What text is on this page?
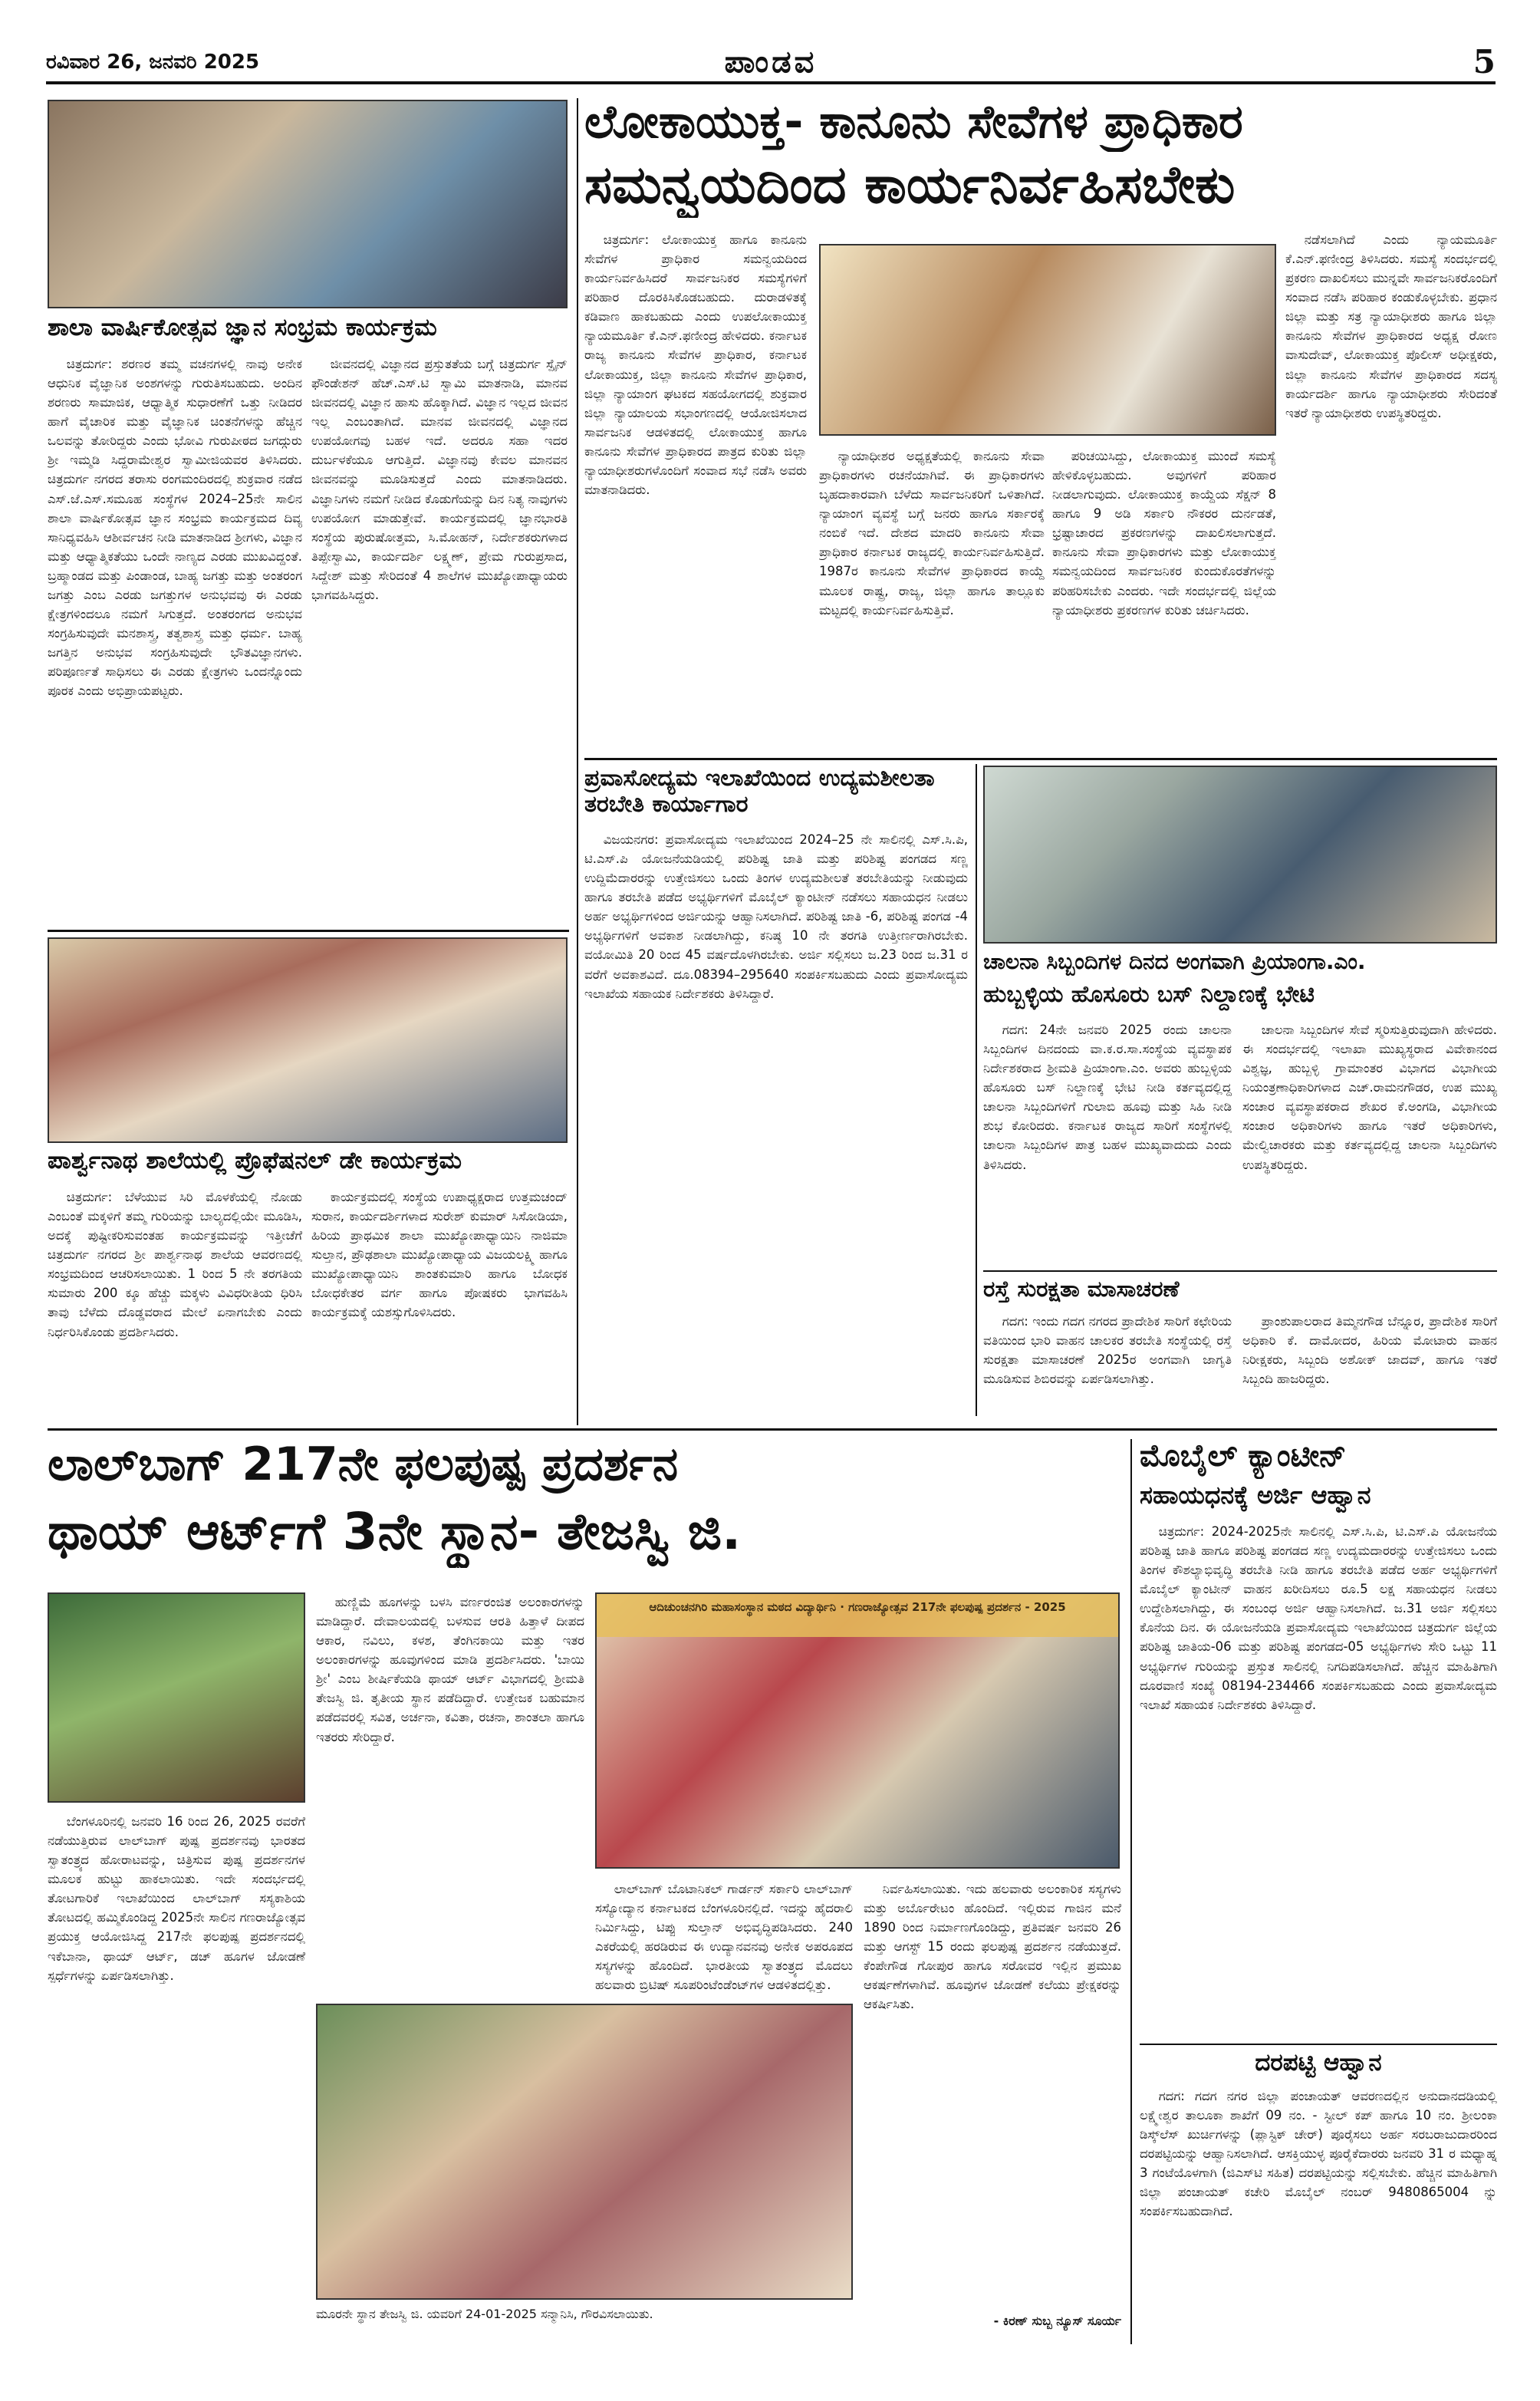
ರವಿವಾರ 26, ಜನವರಿ 2025	ಪಾಂಡವ	5
ಶಾಲಾ ವಾರ್ಷಿಕೋತ್ಸವ ಜ್ಞಾನ ಸಂಭ್ರಮ ಕಾರ್ಯಕ್ರಮ

ಚಿತ್ರದುರ್ಗ: ಶರಣರ ತಮ್ಮ ವಚನಗಳಲ್ಲಿ ನಾವು ಅನೇಕ ಆಧುನಿಕ ವೈಜ್ಞಾನಿಕ ಅಂಶಗಳನ್ನು ಗುರುತಿಸಬಹುದು. ಅಂದಿನ ಶರಣರು ಸಾಮಾಜಿಕ, ಆಧ್ಯಾತ್ಮಿಕ ಸುಧಾರಣೆಗೆ ಒತ್ತು ನೀಡಿದರ ಹಾಗೆ ವೈಚಾರಿಕ ಮತ್ತು ವೈಜ್ಞಾನಿಕ ಚಿಂತನೆಗಳನ್ನು ಹೆಚ್ಚಿನ ಒಲವನ್ನು ತೋರಿದ್ದರು ಎಂದು ಭೋವಿ ಗುರುಪೀಠದ ಜಗದ್ಗುರು ಶ್ರೀ ಇಮ್ಮಡಿ ಸಿದ್ದರಾಮೇಶ್ವರ ಸ್ವಾಮೀಜಿಯವರ ತಿಳಿಸಿದರು. ಚಿತ್ರದುರ್ಗ ನಗರದ ತರಾಸು ರಂಗಮಂದಿರದಲ್ಲಿ ಶುಕ್ರವಾರ ನಡೆದ ಎಸ್.ಜೆ.ಎಸ್.ಸಮೂಹ ಸಂಸ್ಥೆಗಳ 2024–25ನೇ ಸಾಲಿನ ಶಾಲಾ ವಾರ್ಷಿಕೋತ್ಸವ ಜ್ಞಾನ ಸಂಭ್ರಮ ಕಾರ್ಯಕ್ರಮದ ದಿವ್ಯ ಸಾನಿಧ್ಯವಹಿಸಿ ಆಶೀರ್ವಚನ ನೀಡಿ ಮಾತನಾಡಿದ ಶ್ರೀಗಳು, ವಿಜ್ಞಾನ ಮತ್ತು ಆಧ್ಯಾತ್ಮಿಕತೆಯು ಒಂದೇ ನಾಣ್ಯದ ಎರಡು ಮುಖವಿದ್ದಂತೆ. ಬ್ರಹ್ಮಾಂಡದ ಮತ್ತು ಪಿಂಡಾಂಡ, ಬಾಹ್ಯ ಜಗತ್ತು ಮತ್ತು ಅಂತರಂಗ ಜಗತ್ತು ಎಂಬ ಎರಡು ಜಗತ್ತುಗಳ ಅನುಭವವು ಈ ಎರಡು ಕ್ಷೇತ್ರಗಳಿಂದಲೂ ನಮಗೆ ಸಿಗುತ್ತದೆ. ಅಂತರಂಗದ ಅನುಭವ ಸಂಗ್ರಹಿಸುವುದೇ ಮನಶಾಸ್ತ್ರ, ತತ್ವಶಾಸ್ತ್ರ ಮತ್ತು ಧರ್ಮ. ಬಾಹ್ಯ ಜಗತ್ತಿನ ಅನುಭವ ಸಂಗ್ರಹಿಸುವುದೇ ಭೌತವಿಜ್ಞಾನಗಳು. ಪರಿಪೂರ್ಣತೆ ಸಾಧಿಸಲು ಈ ಎರಡು ಕ್ಷೇತ್ರಗಳು ಒಂದನ್ನೊಂದು ಪೂರಕ ಎಂದು ಅಭಿಪ್ರಾಯಪಟ್ಟರು.

ಜೀವನದಲ್ಲಿ ವಿಜ್ಞಾನದ ಪ್ರಸ್ತುತತೆಯ ಬಗ್ಗೆ ಚಿತ್ರದುರ್ಗ ಸ್ಪೈನ್ ಫೌಂಡೇಶನ್ ಹೆಚ್.ಎಸ್.ಟಿ ಸ್ವಾಮಿ ಮಾತನಾಡಿ, ಮಾನವ ಜೀವನದಲ್ಲಿ ವಿಜ್ಞಾನ ಹಾಸು ಹೊಕ್ಕಾಗಿದೆ. ವಿಜ್ಞಾನ ಇಲ್ಲದ ಜೀವನ ಇಲ್ಲ ಎಂಬಂತಾಗಿದೆ. ಮಾನವ ಜೀವನದಲ್ಲಿ ವಿಜ್ಞಾನದ ಉಪಯೋಗವು ಬಹಳ ಇದೆ. ಅದರೂ ಸಹಾ ಇದರ ದುರ್ಬಳಕೆಯೂ ಆಗುತ್ತಿದೆ. ವಿಜ್ಞಾನವು ಕೇವಲ ಮಾನವನ ಜೀವನವನ್ನು ಮೂಡಿಸುತ್ತದೆ ಎಂದು ಮಾತನಾಡಿದರು. ವಿಜ್ಞಾನಿಗಳು ನಮಗೆ ನೀಡಿದ ಕೊಡುಗೆಯನ್ನು ದಿನ ನಿತ್ಯ ನಾವುಗಳು ಉಪಯೋಗ ಮಾಡುತ್ತೇವೆ. ಕಾರ್ಯಕ್ರಮದಲ್ಲಿ ಜ್ಞಾನಭಾರತಿ ಸಂಸ್ಥೆಯ ಪುರುಷೋತ್ತಮ, ಸಿ.ಮೋಹನ್, ನಿರ್ದೇಶಕರುಗಳಾದ ತಿಪ್ಪೇಸ್ವಾಮಿ, ಕಾರ್ಯದರ್ಶಿ ಲಕ್ಷ್ಮಣ್, ಪ್ರೇಮ ಗುರುಪ್ರಸಾದ, ಸಿದ್ದೇಶ್ ಮತ್ತು ಸೇರಿದಂತೆ 4 ಶಾಲೆಗಳ ಮುಖ್ಯೋಪಾಧ್ಯಾಯರು ಭಾಗವಹಿಸಿದ್ದರು.

ಪಾರ್ಶ್ವನಾಥ ಶಾಲೆಯಲ್ಲಿ ಪ್ರೊಫೆಷನಲ್ ಡೇ ಕಾರ್ಯಕ್ರಮ

ಚಿತ್ರದುರ್ಗ: ಬೆಳೆಯುವ ಸಿರಿ ಮೊಳಕೆಯಲ್ಲಿ ನೋಡು ಎಂಬಂತೆ ಮಕ್ಕಳಿಗೆ ತಮ್ಮ ಗುರಿಯನ್ನು ಬಾಲ್ಯದಲ್ಲಿಯೇ ಮೂಡಿಸಿ, ಅದಕ್ಕೆ ಪುಷ್ಟೀಕರಿಸುವಂತಹ ಕಾರ್ಯಕ್ರಮವನ್ನು ಇತ್ತೀಚೆಗೆ ಚಿತ್ರದುರ್ಗ ನಗರದ ಶ್ರೀ ಪಾರ್ಶ್ವನಾಥ ಶಾಲೆಯ ಆವರಣದಲ್ಲಿ ಸಂಭ್ರಮದಿಂದ ಆಚರಿಸಲಾಯಿತು. 1 ರಿಂದ 5 ನೇ ತರಗತಿಯ ಸುಮಾರು 200 ಕ್ಕೂ ಹೆಚ್ಚು ಮಕ್ಕಳು ವಿವಿಧರೀತಿಯ ಧಿರಿಸಿ ತಾವು ಬೆಳೆದು ದೊಡ್ಡವರಾದ ಮೇಲೆ ಏನಾಗಬೇಕು ಎಂದು ನಿರ್ಧರಿಸಿಕೊಂಡು ಪ್ರದರ್ಶಿಸಿದರು.

ಕಾರ್ಯಕ್ರಮದಲ್ಲಿ ಸಂಸ್ಥೆಯ ಉಪಾಧ್ಯಕ್ಷರಾದ ಉತ್ತಮಚಂದ್ ಸುರಾನ, ಕಾರ್ಯದರ್ಶಿಗಳಾದ ಸುರೇಶ್ ಕುಮಾರ್ ಸಿಸೋಡಿಯಾ, ಹಿರಿಯ ಪ್ರಾಥಮಿಕ ಶಾಲಾ ಮುಖ್ಯೋಪಾಧ್ಯಾಯಿನಿ ನಾಜಿಮಾ ಸುಲ್ತಾನ, ಪ್ರೌಢಶಾಲಾ ಮುಖ್ಯೋಪಾಧ್ಯಾಯ ವಿಜಯಲಕ್ಷ್ಮಿ ಹಾಗೂ ಮುಖ್ಯೋಪಾಧ್ಯಾಯಿನಿ ಶಾಂತಕುಮಾರಿ ಹಾಗೂ ಬೋಧಕ ಬೋಧಕೇತರ ವರ್ಗ ಹಾಗೂ ಪೋಷಕರು ಭಾಗವಹಿಸಿ ಕಾರ್ಯಕ್ರಮಕ್ಕೆ ಯಶಸ್ಸುಗೊಳಿಸಿದರು.

ಲೋಕಾಯುಕ್ತ- ಕಾನೂನು ಸೇವೆಗಳ ಪ್ರಾಧಿಕಾರ
ಸಮನ್ವಯದಿಂದ ಕಾರ್ಯನಿರ್ವಹಿಸಬೇಕು

ಚಿತ್ರದುರ್ಗ: ಲೋಕಾಯುಕ್ತ ಹಾಗೂ ಕಾನೂನು ಸೇವೆಗಳ ಪ್ರಾಧಿಕಾರ ಸಮನ್ವಯದಿಂದ ಕಾರ್ಯನಿರ್ವಹಿಸಿದರೆ ಸಾರ್ವಜನಿಕರ ಸಮಸ್ಯೆಗಳಿಗೆ ಪರಿಹಾರ ದೊರಕಿಸಿಕೊಡಬಹುದು. ದುರಾಡಳಿತಕ್ಕೆ ಕಡಿವಾಣ ಹಾಕಬಹುದು ಎಂದು ಉಪಲೋಕಾಯುಕ್ತ ನ್ಯಾಯಮೂರ್ತಿ ಕೆ.ಎನ್.ಫಣೀಂದ್ರ ಹೇಳಿದರು. ಕರ್ನಾಟಕ ರಾಜ್ಯ ಕಾನೂನು ಸೇವೆಗಳ ಪ್ರಾಧಿಕಾರ, ಕರ್ನಾಟಕ ಲೋಕಾಯುಕ್ತ, ಜಿಲ್ಲಾ ಕಾನೂನು ಸೇವೆಗಳ ಪ್ರಾಧಿಕಾರ, ಜಿಲ್ಲಾ ನ್ಯಾಯಾಂಗ ಘಟಕದ ಸಹಯೋಗದಲ್ಲಿ ಶುಕ್ರವಾರ ಜಿಲ್ಲಾ ನ್ಯಾಯಾಲಯ ಸಭಾಂಗಣದಲ್ಲಿ ಆಯೋಜಿಸಲಾದ ಸಾರ್ವಜನಿಕ ಆಡಳಿತದಲ್ಲಿ ಲೋಕಾಯುಕ್ತ ಹಾಗೂ ಕಾನೂನು ಸೇವೆಗಳ ಪ್ರಾಧಿಕಾರದ ಪಾತ್ರದ ಕುರಿತು ಜಿಲ್ಲಾ ನ್ಯಾಯಾಧೀಶರುಗಳೊಂದಿಗೆ ಸಂವಾದ ಸಭೆ ನಡೆಸಿ ಅವರು ಮಾತನಾಡಿದರು.

ನಡೆಸಲಾಗಿದೆ ಎಂದು ನ್ಯಾಯಮೂರ್ತಿ ಕೆ.ಎನ್.ಫಣೀಂದ್ರ ತಿಳಿಸಿದರು. ಸಮಸ್ಯೆ ಸಂದರ್ಭದಲ್ಲಿ ಪ್ರಕರಣ ದಾಖಲಿಸಲು ಮುನ್ನವೇ ಸಾರ್ವಜನಿಕರೊಂದಿಗೆ ಸಂವಾದ ನಡೆಸಿ ಪರಿಹಾರ ಕಂಡುಕೊಳ್ಳಬೇಕು. ಪ್ರಧಾನ ಜಿಲ್ಲಾ ಮತ್ತು ಸತ್ರ ನ್ಯಾಯಾಧೀಶರು ಹಾಗೂ ಜಿಲ್ಲಾ ಕಾನೂನು ಸೇವೆಗಳ ಪ್ರಾಧಿಕಾರದ ಅಧ್ಯಕ್ಷ ರೋಣ ವಾಸುದೇವ್, ಲೋಕಾಯುಕ್ತ ಪೊಲೀಸ್ ಅಧೀಕ್ಷಕರು, ಜಿಲ್ಲಾ ಕಾನೂನು ಸೇವೆಗಳ ಪ್ರಾಧಿಕಾರದ ಸದಸ್ಯ ಕಾರ್ಯದರ್ಶಿ ಹಾಗೂ ನ್ಯಾಯಾಧೀಶರು ಸೇರಿದಂತೆ ಇತರೆ ನ್ಯಾಯಾಧೀಶರು ಉಪಸ್ಥಿತರಿದ್ದರು.

ನ್ಯಾಯಾಧೀಶರ ಅಧ್ಯಕ್ಷತೆಯಲ್ಲಿ ಕಾನೂನು ಸೇವಾ ಪ್ರಾಧಿಕಾರಗಳು ರಚನೆಯಾಗಿವೆ. ಈ ಪ್ರಾಧಿಕಾರಗಳು ಬೃಹದಾಕಾರವಾಗಿ ಬೆಳೆದು ಸಾರ್ವಜನಿಕರಿಗೆ ಒಳಿತಾಗಿದೆ. ನ್ಯಾಯಾಂಗ ವ್ಯವಸ್ಥೆ ಬಗ್ಗೆ ಜನರು ಹಾಗೂ ಸರ್ಕಾರಕ್ಕೆ ನಂಬಿಕೆ ಇದೆ. ದೇಶದ ಮಾದರಿ ಕಾನೂನು ಸೇವಾ ಪ್ರಾಧಿಕಾರ ಕರ್ನಾಟಕ ರಾಜ್ಯದಲ್ಲಿ ಕಾರ್ಯನಿರ್ವಹಿಸುತ್ತಿದೆ. 1987ರ ಕಾನೂನು ಸೇವೆಗಳ ಪ್ರಾಧಿಕಾರದ ಕಾಯ್ದೆ ಮೂಲಕ ರಾಷ್ಟ್ರ, ರಾಜ್ಯ, ಜಿಲ್ಲಾ ಹಾಗೂ ತಾಲ್ಲೂಕು ಮಟ್ಟದಲ್ಲಿ ಕಾರ್ಯನಿರ್ವಹಿಸುತ್ತಿವೆ.

ಪರಿಚಯಿಸಿದ್ದು, ಲೋಕಾಯುಕ್ತ ಮುಂದೆ ಸಮಸ್ಯೆ ಹೇಳಿಕೊಳ್ಳಬಹುದು. ಅವುಗಳಿಗೆ ಪರಿಹಾರ ನೀಡಲಾಗುವುದು. ಲೋಕಾಯುಕ್ತ ಕಾಯ್ದೆಯ ಸೆಕ್ಷನ್ 8 ಹಾಗೂ 9 ಅಡಿ ಸರ್ಕಾರಿ ನೌಕರರ ದುರ್ನಡತೆ, ಭ್ರಷ್ಟಾಚಾರದ ಪ್ರಕರಣಗಳನ್ನು ದಾಖಲಿಸಲಾಗುತ್ತದೆ. ಕಾನೂನು ಸೇವಾ ಪ್ರಾಧಿಕಾರಗಳು ಮತ್ತು ಲೋಕಾಯುಕ್ತ ಸಮನ್ವಯದಿಂದ ಸಾರ್ವಜನಿಕರ ಕುಂದುಕೊರತೆಗಳನ್ನು ಪರಿಹರಿಸಬೇಕು ಎಂದರು. ಇದೇ ಸಂದರ್ಭದಲ್ಲಿ ಜಿಲ್ಲೆಯ ನ್ಯಾಯಾಧೀಶರು ಪ್ರಕರಣಗಳ ಕುರಿತು ಚರ್ಚಿಸಿದರು.

ಪ್ರವಾಸೋದ್ಯಮ ಇಲಾಖೆಯಿಂದ ಉದ್ಯಮಶೀಲತಾ ತರಬೇತಿ ಕಾರ್ಯಾಗಾರ

ವಿಜಯನಗರ: ಪ್ರವಾಸೋದ್ಯಮ ಇಲಾಖೆಯಿಂದ 2024–25 ನೇ ಸಾಲಿನಲ್ಲಿ ಎಸ್.ಸಿ.ಪಿ, ಟಿ.ಎಸ್.ಪಿ ಯೋಜನೆಯಡಿಯಲ್ಲಿ ಪರಿಶಿಷ್ಟ ಜಾತಿ ಮತ್ತು ಪರಿಶಿಷ್ಟ ಪಂಗಡದ ಸಣ್ಣ ಉದ್ದಿಮೆದಾರರನ್ನು ಉತ್ತೇಜಿಸಲು ಒಂದು ತಿಂಗಳ ಉದ್ಯಮಶೀಲತೆ ತರಬೇತಿಯನ್ನು ನೀಡುವುದು ಹಾಗೂ ತರಬೇತಿ ಪಡೆದ ಅಭ್ಯರ್ಥಿಗಳಿಗೆ ಮೊಬೈಲ್ ಕ್ಯಾಂಟೀನ್ ನಡೆಸಲು ಸಹಾಯಧನ ನೀಡಲು ಅರ್ಹ ಅಭ್ಯರ್ಥಿಗಳಿಂದ ಅರ್ಜಿಯನ್ನು ಆಹ್ವಾನಿಸಲಾಗಿದೆ. ಪರಿಶಿಷ್ಟ ಜಾತಿ -6, ಪರಿಶಿಷ್ಟ ಪಂಗಡ -4 ಅಭ್ಯರ್ಥಿಗಳಿಗೆ ಅವಕಾಶ ನೀಡಲಾಗಿದ್ದು, ಕನಿಷ್ಠ 10 ನೇ ತರಗತಿ ಉತ್ತೀರ್ಣರಾಗಿರಬೇಕು. ವಯೋಮಿತಿ 20 ರಿಂದ 45 ವರ್ಷದೊಳಗಿರಬೇಕು. ಅರ್ಜಿ ಸಲ್ಲಿಸಲು ಜ.23 ರಿಂದ ಜ.31 ರ ವರೆಗೆ ಅವಕಾಶವಿದೆ. ದೂ.08394–295640 ಸಂಪರ್ಕಿಸಬಹುದು ಎಂದು ಪ್ರವಾಸೋದ್ಯಮ ಇಲಾಖೆಯ ಸಹಾಯಕ ನಿರ್ದೇಶಕರು ತಿಳಿಸಿದ್ದಾರೆ.

ಚಾಲನಾ ಸಿಬ್ಬಂದಿಗಳ ದಿನದ ಅಂಗವಾಗಿ ಪ್ರಿಯಾಂಗಾ.ಎಂ.
ಹುಬ್ಬಳ್ಳಿಯ ಹೊಸೂರು ಬಸ್ ನಿಲ್ದಾಣಕ್ಕೆ ಭೇಟಿ

ಗದಗ: 24ನೇ ಜನವರಿ 2025 ರಂದು ಚಾಲನಾ ಸಿಬ್ಬಂದಿಗಳ ದಿನದಂದು ವಾ.ಕ.ರ.ಸಾ.ಸಂಸ್ಥೆಯ ವ್ಯವಸ್ಥಾಪಕ ನಿರ್ದೇಶಕರಾದ ಶ್ರೀಮತಿ ಪ್ರಿಯಾಂಗಾ.ಎಂ. ಅವರು ಹುಬ್ಬಳ್ಳಿಯ ಹೊಸೂರು ಬಸ್ ನಿಲ್ದಾಣಕ್ಕೆ ಭೇಟಿ ನೀಡಿ ಕರ್ತವ್ಯದಲ್ಲಿದ್ದ ಚಾಲನಾ ಸಿಬ್ಬಂದಿಗಳಿಗೆ ಗುಲಾಬಿ ಹೂವು ಮತ್ತು ಸಿಹಿ ನೀಡಿ ಶುಭ ಕೋರಿದರು. ಕರ್ನಾಟಕ ರಾಜ್ಯದ ಸಾರಿಗೆ ಸಂಸ್ಥೆಗಳಲ್ಲಿ ಚಾಲನಾ ಸಿಬ್ಬಂದಿಗಳ ಪಾತ್ರ ಬಹಳ ಮುಖ್ಯವಾದುದು ಎಂದು ತಿಳಿಸಿದರು.

ಚಾಲನಾ ಸಿಬ್ಬಂದಿಗಳ ಸೇವೆ ಸ್ಮರಿಸುತ್ತಿರುವುದಾಗಿ ಹೇಳಿದರು. ಈ ಸಂದರ್ಭದಲ್ಲಿ ಇಲಾಖಾ ಮುಖ್ಯಸ್ಥರಾದ ವಿವೇಕಾನಂದ ವಿಶ್ವಜ್ಞ, ಹುಬ್ಬಳ್ಳಿ ಗ್ರಾಮಾಂತರ ವಿಭಾಗದ ವಿಭಾಗೀಯ ನಿಯಂತ್ರಣಾಧಿಕಾರಿಗಳಾದ ಎಚ್.ರಾಮನಗೌಡರ, ಉಪ ಮುಖ್ಯ ಸಂಚಾರ ವ್ಯವಸ್ಥಾಪಕರಾದ ಶೇಖರ ಕೆ.ಅಂಗಡಿ, ವಿಭಾಗೀಯ ಸಂಚಾರ ಅಧಿಕಾರಿಗಳು ಹಾಗೂ ಇತರೆ ಅಧಿಕಾರಿಗಳು, ಮೇಲ್ವಿಚಾರಕರು ಮತ್ತು ಕರ್ತವ್ಯದಲ್ಲಿದ್ದ ಚಾಲನಾ ಸಿಬ್ಬಂದಿಗಳು ಉಪಸ್ಥಿತರಿದ್ದರು.

ರಸ್ತೆ ಸುರಕ್ಷತಾ ಮಾಸಾಚರಣೆ

ಗದಗ: ಇಂದು ಗದಗ ನಗರದ ಪ್ರಾದೇಶಿಕ ಸಾರಿಗೆ ಕಛೇರಿಯ ವತಿಯಿಂದ ಭಾರಿ ವಾಹನ ಚಾಲಕರ ತರಬೇತಿ ಸಂಸ್ಥೆಯಲ್ಲಿ ರಸ್ತೆ ಸುರಕ್ಷತಾ ಮಾಸಾಚರಣೆ 2025ರ ಅಂಗವಾಗಿ ಜಾಗೃತಿ ಮೂಡಿಸುವ ಶಿಬಿರವನ್ನು ಏರ್ಪಡಿಸಲಾಗಿತ್ತು.

ಪ್ರಾಂಶುಪಾಲರಾದ ತಿಮ್ಮನಗೌಡ ಬೆನ್ನೂರ, ಪ್ರಾದೇಶಿಕ ಸಾರಿಗೆ ಅಧಿಕಾರಿ ಕೆ. ದಾಮೋದರ, ಹಿರಿಯ ಮೋಟಾರು ವಾಹನ ನಿರೀಕ್ಷಕರು, ಸಿಬ್ಬಂದಿ ಅಶೋಕ್ ಜಾದವ್, ಹಾಗೂ ಇತರೆ ಸಿಬ್ಬಂದಿ ಹಾಜರಿದ್ದರು.

ಲಾಲ್‌ಬಾಗ್ 217ನೇ ಫಲಪುಷ್ಪ ಪ್ರದರ್ಶನ
ಥಾಯ್ ಆರ್ಟ್‌ಗೆ 3ನೇ ಸ್ಥಾನ- ತೇಜಸ್ವಿ ಜಿ.

ಬೆಂಗಳೂರಿನಲ್ಲಿ ಜನವರಿ 16 ರಿಂದ 26, 2025 ರವರೆಗೆ ನಡೆಯುತ್ತಿರುವ ಲಾಲ್‌ಬಾಗ್ ಪುಷ್ಪ ಪ್ರದರ್ಶನವು ಭಾರತದ ಸ್ವಾತಂತ್ರ್ಯದ ಹೋರಾಟವನ್ನು, ಚಿತ್ರಿಸುವ ಪುಷ್ಪ ಪ್ರದರ್ಶನಗಳ ಮೂಲಕ ಹುಟ್ಟು ಹಾಕಲಾಯಿತು. ಇದೇ ಸಂದರ್ಭದಲ್ಲಿ ತೋಟಗಾರಿಕೆ ಇಲಾಖೆಯಿಂದ ಲಾಲ್‌ಬಾಗ್ ಸಸ್ಯಕಾಶಿಯ ತೋಟದಲ್ಲಿ ಹಮ್ಮಿಕೊಂಡಿದ್ದ 2025ನೇ ಸಾಲಿನ ಗಣರಾಜ್ಯೋತ್ಸವ ಪ್ರಯುಕ್ತ ಆಯೋಜಿಸಿದ್ದ 217ನೇ ಫಲಪುಷ್ಪ ಪ್ರದರ್ಶನದಲ್ಲಿ ಇಕೆಬಾನಾ, ಥಾಯ್ ಆರ್ಟ್, ಡಚ್ ಹೂಗಳ ಜೋಡಣೆ ಸ್ಪರ್ಧೆಗಳನ್ನು ಏರ್ಪಡಿಸಲಾಗಿತ್ತು.

ಹುಣ್ಣಿಮೆ ಹೂಗಳನ್ನು ಬಳಸಿ ವರ್ಣರಂಜಿತ ಅಲಂಕಾರಗಳನ್ನು ಮಾಡಿದ್ದಾರೆ. ದೇವಾಲಯದಲ್ಲಿ ಬಳಸುವ ಆರತಿ ಹಿತ್ತಾಳೆ ದೀಪದ ಆಕಾರ, ನವಿಲು, ಕಳಶ, ತೆಂಗಿನಕಾಯಿ ಮತ್ತು ಇತರ ಅಲಂಕಾರಗಳನ್ನು ಹೂವುಗಳಿಂದ ಮಾಡಿ ಪ್ರದರ್ಶಿಸಿದರು. 'ಬಾಯಿ ಶ್ರೀ' ಎಂಬ ಶೀರ್ಷಿಕೆಯಡಿ ಥಾಯ್ ಆರ್ಟ್ ವಿಭಾಗದಲ್ಲಿ ಶ್ರೀಮತಿ ತೇಜಸ್ವಿ ಜಿ. ತೃತೀಯ ಸ್ಥಾನ ಪಡೆದಿದ್ದಾರೆ. ಉತ್ತೇಜಕ ಬಹುಮಾನ ಪಡೆದವರಲ್ಲಿ ಸವಿತ, ಅರ್ಚನಾ, ಕವಿತಾ, ರಚನಾ, ಶಾಂತಲಾ ಹಾಗೂ ಇತರರು ಸೇರಿದ್ದಾರೆ.

ಆದಿಚುಂಚನಗಿರಿ ಮಹಾಸಂಸ್ಥಾನ ಮಠದ ವಿದ್ಯಾರ್ಥಿನಿ · ಗಣರಾಜ್ಯೋತ್ಸವ 217ನೇ ಫಲಪುಷ್ಪ ಪ್ರದರ್ಶನ - 2025
ಮೂರನೇ ಸ್ಥಾನ ತೇಜಸ್ವಿ ಜಿ. ಯವರಿಗೆ 24-01-2025 ಸನ್ಮಾನಿಸಿ, ಗೌರವಿಸಲಾಯಿತು.

ಲಾಲ್‌ಬಾಗ್ ಬೊಟಾನಿಕಲ್ ಗಾರ್ಡನ್ ಸರ್ಕಾರಿ ಲಾಲ್‌ಬಾಗ್ ಸಸ್ಯೋದ್ಯಾನ ಕರ್ನಾಟಕದ ಬೆಂಗಳೂರಿನಲ್ಲಿದೆ. ಇದನ್ನು ಹೈದರಾಲಿ ನಿರ್ಮಿಸಿದ್ದು, ಟಿಪ್ಪು ಸುಲ್ತಾನ್ ಅಭಿವೃದ್ಧಿಪಡಿಸಿದರು. 240 ಎಕರೆಯಲ್ಲಿ ಹರಡಿರುವ ಈ ಉದ್ಯಾನವನವು ಅನೇಕ ಅಪರೂಪದ ಸಸ್ಯಗಳನ್ನು ಹೊಂದಿದೆ. ಭಾರತೀಯ ಸ್ವಾತಂತ್ರ್ಯದ ಮೊದಲು ಹಲವಾರು ಬ್ರಿಟಿಷ್ ಸೂಪರಿಂಟೆಂಡೆಂಟ್‌ಗಳ ಆಡಳಿತದಲ್ಲಿತ್ತು.

ನಿರ್ವಹಿಸಲಾಯಿತು. ಇದು ಹಲವಾರು ಅಲಂಕಾರಿಕ ಸಸ್ಯಗಳು ಮತ್ತು ಅರ್ಬೊರೇಟಂ ಹೊಂದಿದೆ. ಇಲ್ಲಿರುವ ಗಾಜಿನ ಮನೆ 1890 ರಿಂದ ನಿರ್ಮಾಣಗೊಂಡಿದ್ದು, ಪ್ರತಿವರ್ಷ ಜನವರಿ 26 ಮತ್ತು ಆಗಸ್ಟ್ 15 ರಂದು ಫಲಪುಷ್ಪ ಪ್ರದರ್ಶನ ನಡೆಯುತ್ತದೆ. ಕೆಂಪೇಗೌಡ ಗೋಪುರ ಹಾಗೂ ಸರೋವರ ಇಲ್ಲಿನ ಪ್ರಮುಖ ಆಕರ್ಷಣೆಗಳಾಗಿವೆ. ಹೂವುಗಳ ಜೋಡಣೆ ಕಲೆಯು ಪ್ರೇಕ್ಷಕರನ್ನು ಆಕರ್ಷಿಸಿತು.

- ಕಿರಣ್ ಸುಬ್ಬ ನ್ಯೂಸ್ ಸೂರ್ಯ
ಮೊಬೈಲ್ ಕ್ಯಾಂಟೀನ್
ಸಹಾಯಧನಕ್ಕೆ ಅರ್ಜಿ ಆಹ್ವಾನ

ಚಿತ್ರದುರ್ಗ: 2024-2025ನೇ ಸಾಲಿನಲ್ಲಿ ಎಸ್.ಸಿ.ಪಿ, ಟಿ.ಎಸ್.ಪಿ ಯೋಜನೆಯ ಪರಿಶಿಷ್ಟ ಜಾತಿ ಹಾಗೂ ಪರಿಶಿಷ್ಟ ಪಂಗಡದ ಸಣ್ಣ ಉದ್ಯಮದಾರರನ್ನು ಉತ್ತೇಜಿಸಲು ಒಂದು ತಿಂಗಳ ಕೌಶಲ್ಯಾಭಿವೃದ್ಧಿ ತರಬೇತಿ ನೀಡಿ ಹಾಗೂ ತರಬೇತಿ ಪಡೆದ ಅರ್ಹ ಅಭ್ಯರ್ಥಿಗಳಿಗೆ ಮೊಬೈಲ್ ಕ್ಯಾಂಟೀನ್ ವಾಹನ ಖರೀದಿಸಲು ರೂ.5 ಲಕ್ಷ ಸಹಾಯಧನ ನೀಡಲು ಉದ್ದೇಶಿಸಲಾಗಿದ್ದು, ಈ ಸಂಬಂಧ ಅರ್ಜಿ ಆಹ್ವಾನಿಸಲಾಗಿದೆ. ಜ.31 ಅರ್ಜಿ ಸಲ್ಲಿಸಲು ಕೊನೆಯ ದಿನ. ಈ ಯೋಜನೆಯಡಿ ಪ್ರವಾಸೋದ್ಯಮ ಇಲಾಖೆಯಿಂದ ಚಿತ್ರದುರ್ಗ ಜಿಲ್ಲೆಯ ಪರಿಶಿಷ್ಟ ಜಾತಿಯ-06 ಮತ್ತು ಪರಿಶಿಷ್ಟ ಪಂಗಡದ-05 ಅಭ್ಯರ್ಥಿಗಳು ಸೇರಿ ಒಟ್ಟು 11 ಅಭ್ಯರ್ಥಿಗಳ ಗುರಿಯನ್ನು ಪ್ರಸ್ತುತ ಸಾಲಿನಲ್ಲಿ ನಿಗದಿಪಡಿಸಲಾಗಿದೆ. ಹೆಚ್ಚಿನ ಮಾಹಿತಿಗಾಗಿ ದೂರವಾಣಿ ಸಂಖ್ಯೆ 08194-234466 ಸಂಪರ್ಕಿಸಬಹುದು ಎಂದು ಪ್ರವಾಸೋದ್ಯಮ ಇಲಾಖೆ ಸಹಾಯಕ ನಿರ್ದೇಶಕರು ತಿಳಿಸಿದ್ದಾರೆ.

ದರಪಟ್ಟಿ ಆಹ್ವಾನ

ಗದಗ: ಗದಗ ನಗರ ಜಿಲ್ಲಾ ಪಂಚಾಯತ್ ಆವರಣದಲ್ಲಿನ ಅನುದಾನದಡಿಯಲ್ಲಿ ಲಕ್ಷ್ಮೇಶ್ವರ ತಾಲೂಕಾ ಶಾಖೆಗೆ 09 ನಂ. - ಸ್ಟೀಲ್ ಕಪ್ ಹಾಗೂ 10 ನಂ. ಶ್ರೀಲಂಕಾ ಡಿಸ್ಕ್‌ಲೆಸ್ ಖುರ್ಚಿಗಳನ್ನು (ಪ್ಲಾಸ್ಟಿಕ್ ಚೇರ್) ಪೂರೈಸಲು ಅರ್ಹ ಸರಬರಾಜುದಾರರಿಂದ ದರಪಟ್ಟಿಯನ್ನು ಆಹ್ವಾನಿಸಲಾಗಿದೆ. ಆಸಕ್ತಿಯುಳ್ಳ ಪೂರೈಕೆದಾರರು ಜನವರಿ 31 ರ ಮಧ್ಯಾಹ್ನ 3 ಗಂಟೆಯೊಳಗಾಗಿ (ಜಿಎಸ್‌ಟಿ ಸಹಿತ) ದರಪಟ್ಟಿಯನ್ನು ಸಲ್ಲಿಸಬೇಕು. ಹೆಚ್ಚಿನ ಮಾಹಿತಿಗಾಗಿ ಜಿಲ್ಲಾ ಪಂಚಾಯತ್ ಕಚೇರಿ ಮೊಬೈಲ್ ನಂಬರ್ 9480865004 ನ್ನು ಸಂಪರ್ಕಿಸಬಹುದಾಗಿದೆ.
